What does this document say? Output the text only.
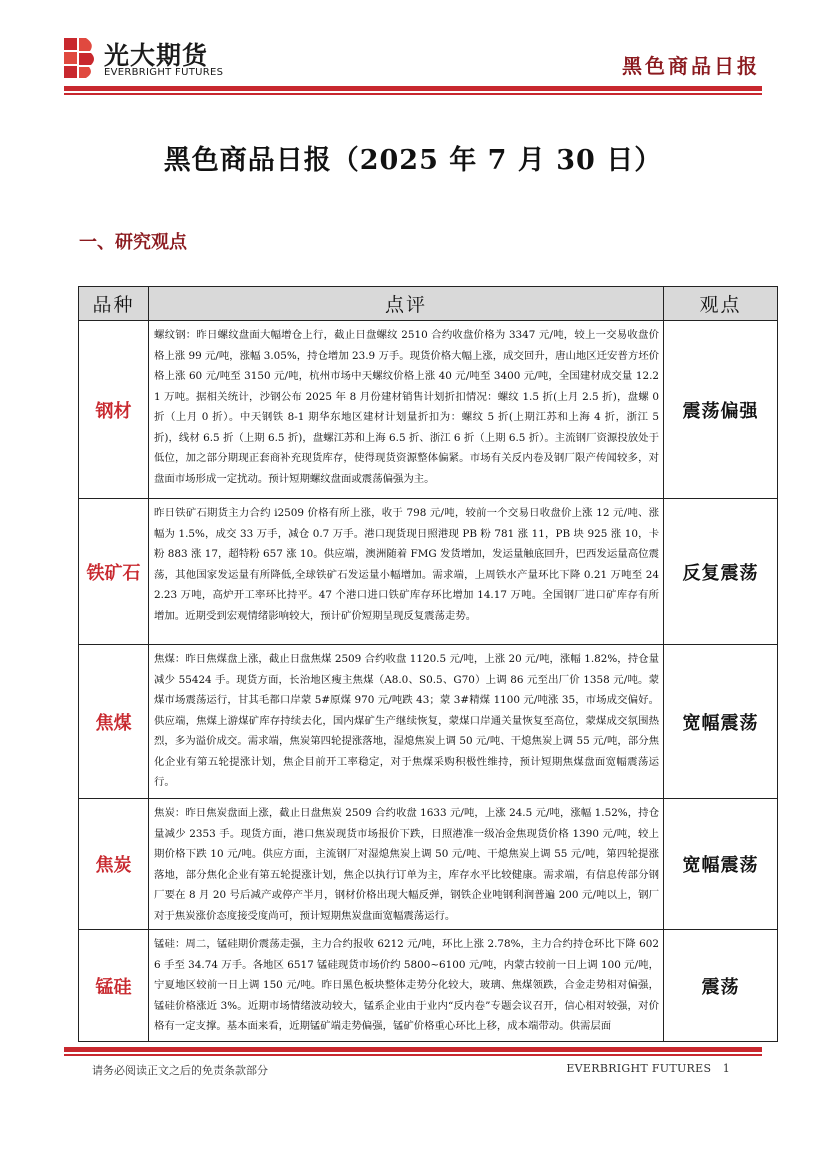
光大期货
EVERBRIGHT FUTURES	黑色商品日报
黑色商品日报（2025 年 7 月 30 日）
一、研究观点
品种	点评	观点
钢材	螺纹钢：昨日螺纹盘面大幅增仓上行，截止日盘螺纹 2510 合约收盘价格为 3347 元/吨，较上一交易收盘价格上涨 99 元/吨，涨幅 3.05%，持仓增加 23.9 万手。现货价格大幅上涨，成交回升，唐山地区迁安普方坯价格上涨 60 元/吨至 3150 元/吨，杭州市场中天螺纹价格上涨 40 元/吨至 3400 元/吨，全国建材成交量 12.21 万吨。据相关统计，沙钢公布 2025 年 8 月份建材销售计划折扣情况：螺纹 1.5 折(上月 2.5 折)，盘螺 0 折（上月 0 折）。中天钢铁 8-1 期华东地区建材计划量折扣为：螺纹 5 折(上期江苏和上海 4 折，浙江 5 折)，线材 6.5 折（上期 6.5 折)，盘螺江苏和上海 6.5 折、浙江 6 折（上期 6.5 折）。主流钢厂资源投放处于低位，加之部分期现正套商补充现货库存，使得现货资源整体偏紧。市场有关反内卷及钢厂限产传闻较多，对盘面市场形成一定扰动。预计短期螺纹盘面或震荡偏强为主。	震荡偏强
铁矿石	昨日铁矿石期货主力合约 i2509 价格有所上涨，收于 798 元/吨，较前一个交易日收盘价上涨 12 元/吨、涨幅为 1.5%，成交 33 万手，减仓 0.7 万手。港口现货现日照港现 PB 粉 781 涨 11，PB 块 925 涨 10，卡粉 883 涨 17，超特粉 657 涨 10。供应端，澳洲随着 FMG 发货增加，发运量触底回升，巴西发运量高位震荡，其他国家发运量有所降低,全球铁矿石发运量小幅增加。需求端，上周铁水产量环比下降 0.21 万吨至 242.23 万吨，高炉开工率环比持平。47 个港口进口铁矿库存环比增加 14.17 万吨。全国钢厂进口矿库存有所增加。近期受到宏观情绪影响较大，预计矿价短期呈现反复震荡走势。	反复震荡
焦煤	焦煤：昨日焦煤盘上涨，截止日盘焦煤 2509 合约收盘 1120.5 元/吨，上涨 20 元/吨，涨幅 1.82%，持仓量减少 55424 手。现货方面，长治地区瘦主焦煤（A8.0、S0.5、G70）上调 86 元至出厂价 1358 元/吨。蒙煤市场震荡运行，甘其毛都口岸蒙 5#原煤 970 元/吨跌 43；蒙 3#精煤 1100 元/吨涨 35，市场成交偏好。供应端，焦煤上游煤矿库存持续去化，国内煤矿生产继续恢复，蒙煤口岸通关量恢复至高位，蒙煤成交氛围热烈，多为溢价成交。需求端，焦炭第四轮提涨落地，湿熄焦炭上调 50 元/吨、干熄焦炭上调 55 元/吨，部分焦化企业有第五轮提涨计划，焦企目前开工率稳定，对于焦煤采购积极性维持，预计短期焦煤盘面宽幅震荡运行。	宽幅震荡
焦炭	焦炭：昨日焦炭盘面上涨，截止日盘焦炭 2509 合约收盘 1633 元/吨，上涨 24.5 元/吨，涨幅 1.52%，持仓量减少 2353 手。现货方面，港口焦炭现货市场报价下跌，日照港准一级冶金焦现货价格 1390 元/吨，较上期价格下跌 10 元/吨。供应方面，主流钢厂对湿熄焦炭上调 50 元/吨、干熄焦炭上调 55 元/吨，第四轮提涨落地，部分焦化企业有第五轮提涨计划，焦企以执行订单为主，库存水平比较健康。需求端，有信息传部分钢厂要在 8 月 20 号后减产或停产半月，钢材价格出现大幅反弹，钢铁企业吨钢利润普遍 200 元/吨以上，钢厂对于焦炭涨价态度接受度尚可，预计短期焦炭盘面宽幅震荡运行。	宽幅震荡
锰硅	锰硅：周二，锰硅期价震荡走强，主力合约报收 6212 元/吨，环比上涨 2.78%，主力合约持仓环比下降 6026 手至 34.74 万手。各地区 6517 锰硅现货市场价约 5800~6100 元/吨，内蒙古较前一日上调 100 元/吨，宁夏地区较前一日上调 150 元/吨。昨日黑色板块整体走势分化较大，玻璃、焦煤领跌，合金走势相对偏强，锰硅价格涨近 3%。近期市场情绪波动较大，锰系企业由于业内“反内卷”专题会议召开，信心相对较强，对价格有一定支撑。基本面来看，近期锰矿端走势偏强，锰矿价格重心环比上移，成本端带动。供需层面	震荡
请务必阅读正文之后的免责条款部分	EVERBRIGHT FUTURES 1
